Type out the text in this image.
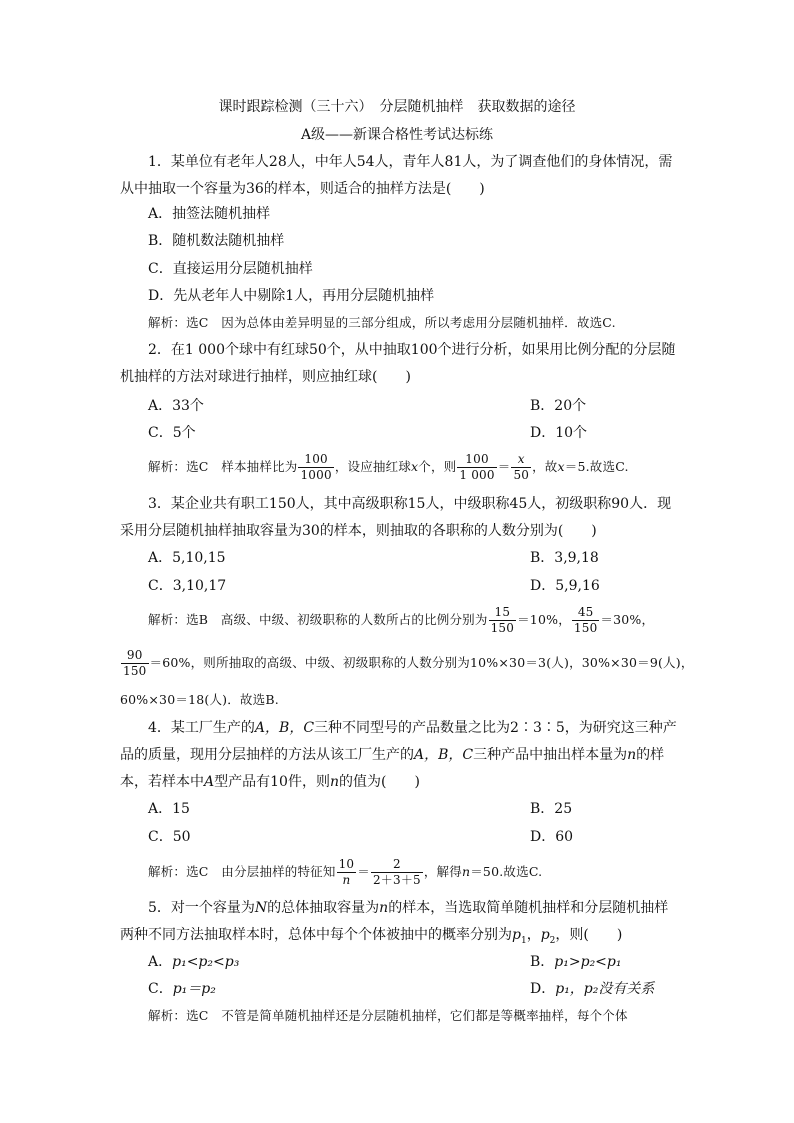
课时跟踪检测（三十六）　分层随机抽样　获取数据的途径
A级——新课合格性考试达标练
1．某单位有老年人28人，中年人54人，青年人81人，为了调查他们的身体情况，需
从中抽取一个容量为36的样本，则适合的抽样方法是(　　)
A．抽签法随机抽样
B．随机数法随机抽样
C．直接运用分层随机抽样
D．先从老年人中剔除1人，再用分层随机抽样
解析：选C　因为总体由差异明显的三部分组成，所以考虑用分层随机抽样．故选C.
2．在1 000个球中有红球50个，从中抽取100个进行分析，如果用比例分配的分层随
机抽样的方法对球进行抽样，则应抽红球(　　)
A．33个	B．20个
C．5个	D．10个
解析：选C　样本抽样比为 $\frac{100}{1000}$ ，设应抽红球x个，则 $\frac{100}{1 000} = \frac{x}{50}$ ，故x＝5.故选C.
3．某企业共有职工150人，其中高级职称15人，中级职称45人，初级职称90人．现
采用分层随机抽样抽取容量为30的样本，则抽取的各职称的人数分别为(　　)
A．5,10,15	B．3,9,18
C．3,10,17	D．5,9,16
解析：选B　高级、中级、初级职称的人数所占的比例分别为 $\frac{15}{150} =10\%$， $\frac{45}{150} =30\%$，
$\frac{90}{150} =60\%$，则所抽取的高级、中级、初级职称的人数分别为10%×30＝3(人)，30%×30＝9(人)，
60%×30＝18(人)．故选B.
4．某工厂生产的A，B，C三种不同型号的产品数量之比为2∶3∶5，为研究这三种产
品的质量，现用分层抽样的方法从该工厂生产的A，B，C三种产品中抽出样本量为n的样
本，若样本中A型产品有10件，则n的值为(　　)
A．15	B．25
C．50	D．60
解析：选C　由分层抽样的特征知 $\frac{10}{n} = \frac{2}{2+3+5}$ ，解得n＝50.故选C.
5．对一个容量为N的总体抽取容量为n的样本，当选取简单随机抽样和分层随机抽样
两种不同方法抽取样本时，总体中每个个体被抽中的概率分别为$p_1$，$p_2$，则(　　)
A．p₁<p₂<p₃	B．p₁>p₂<p₁
C．p₁＝p₂	D．p₁，p₂没有关系
解析：选C　不管是简单随机抽样还是分层随机抽样，它们都是等概率抽样，每个个体
